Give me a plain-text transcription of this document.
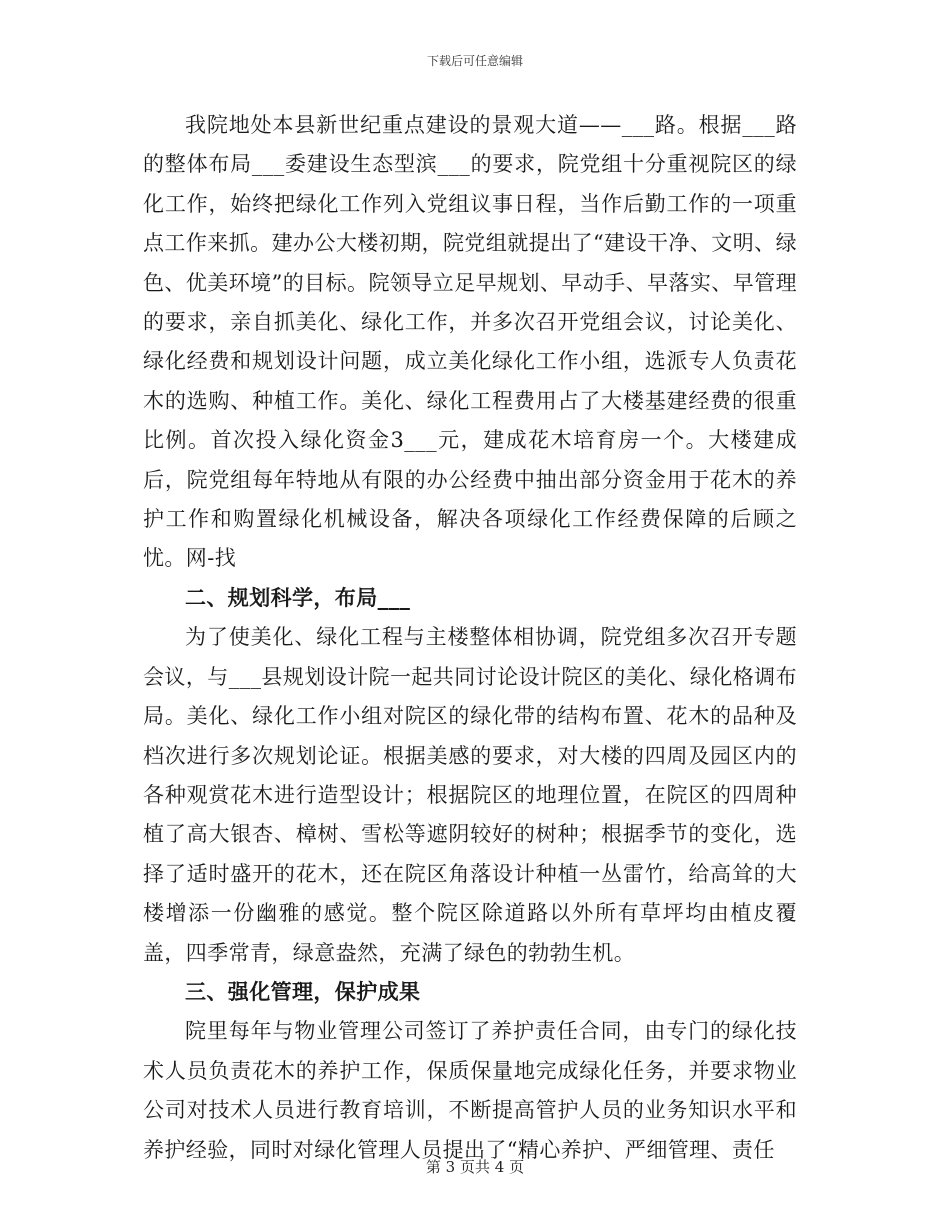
下载后可任意编辑

我院地处本县新世纪重点建设的景观大道——___路。根据___路的整体布局___委建设生态型滨___的要求，院党组十分重视院区的绿化工作，始终把绿化工作列入党组议事日程，当作后勤工作的一项重点工作来抓。建办公大楼初期，院党组就提出了“建设干净、文明、绿色、优美环境”的目标。院领导立足早规划、早动手、早落实、早管理的要求，亲自抓美化、绿化工作，并多次召开党组会议，讨论美化、绿化经费和规划设计问题，成立美化绿化工作小组，选派专人负责花木的选购、种植工作。美化、绿化工程费用占了大楼基建经费的很重比例。首次投入绿化资金3___元，建成花木培育房一个。大楼建成后，院党组每年特地从有限的办公经费中抽出部分资金用于花木的养护工作和购置绿化机械设备，解决各项绿化工作经费保障的后顾之忧。网-找

二、规划科学，布局___

为了使美化、绿化工程与主楼整体相协调，院党组多次召开专题会议，与___县规划设计院一起共同讨论设计院区的美化、绿化格调布局。美化、绿化工作小组对院区的绿化带的结构布置、花木的品种及档次进行多次规划论证。根据美感的要求，对大楼的四周及园区内的各种观赏花木进行造型设计；根据院区的地理位置，在院区的四周种植了高大银杏、樟树、雪松等遮阴较好的树种；根据季节的变化，选择了适时盛开的花木，还在院区角落设计种植一丛雷竹，给高耸的大楼增添一份幽雅的感觉。整个院区除道路以外所有草坪均由植皮覆盖，四季常青，绿意盎然，充满了绿色的勃勃生机。

三、强化管理，保护成果

院里每年与物业管理公司签订了养护责任合同，由专门的绿化技术人员负责花木的养护工作，保质保量地完成绿化任务，并要求物业公司对技术人员进行教育培训，不断提高管护人员的业务知识水平和养护经验，同时对绿化管理人员提出了“精心养护、严细管理、责任

第 3 页共 4 页
